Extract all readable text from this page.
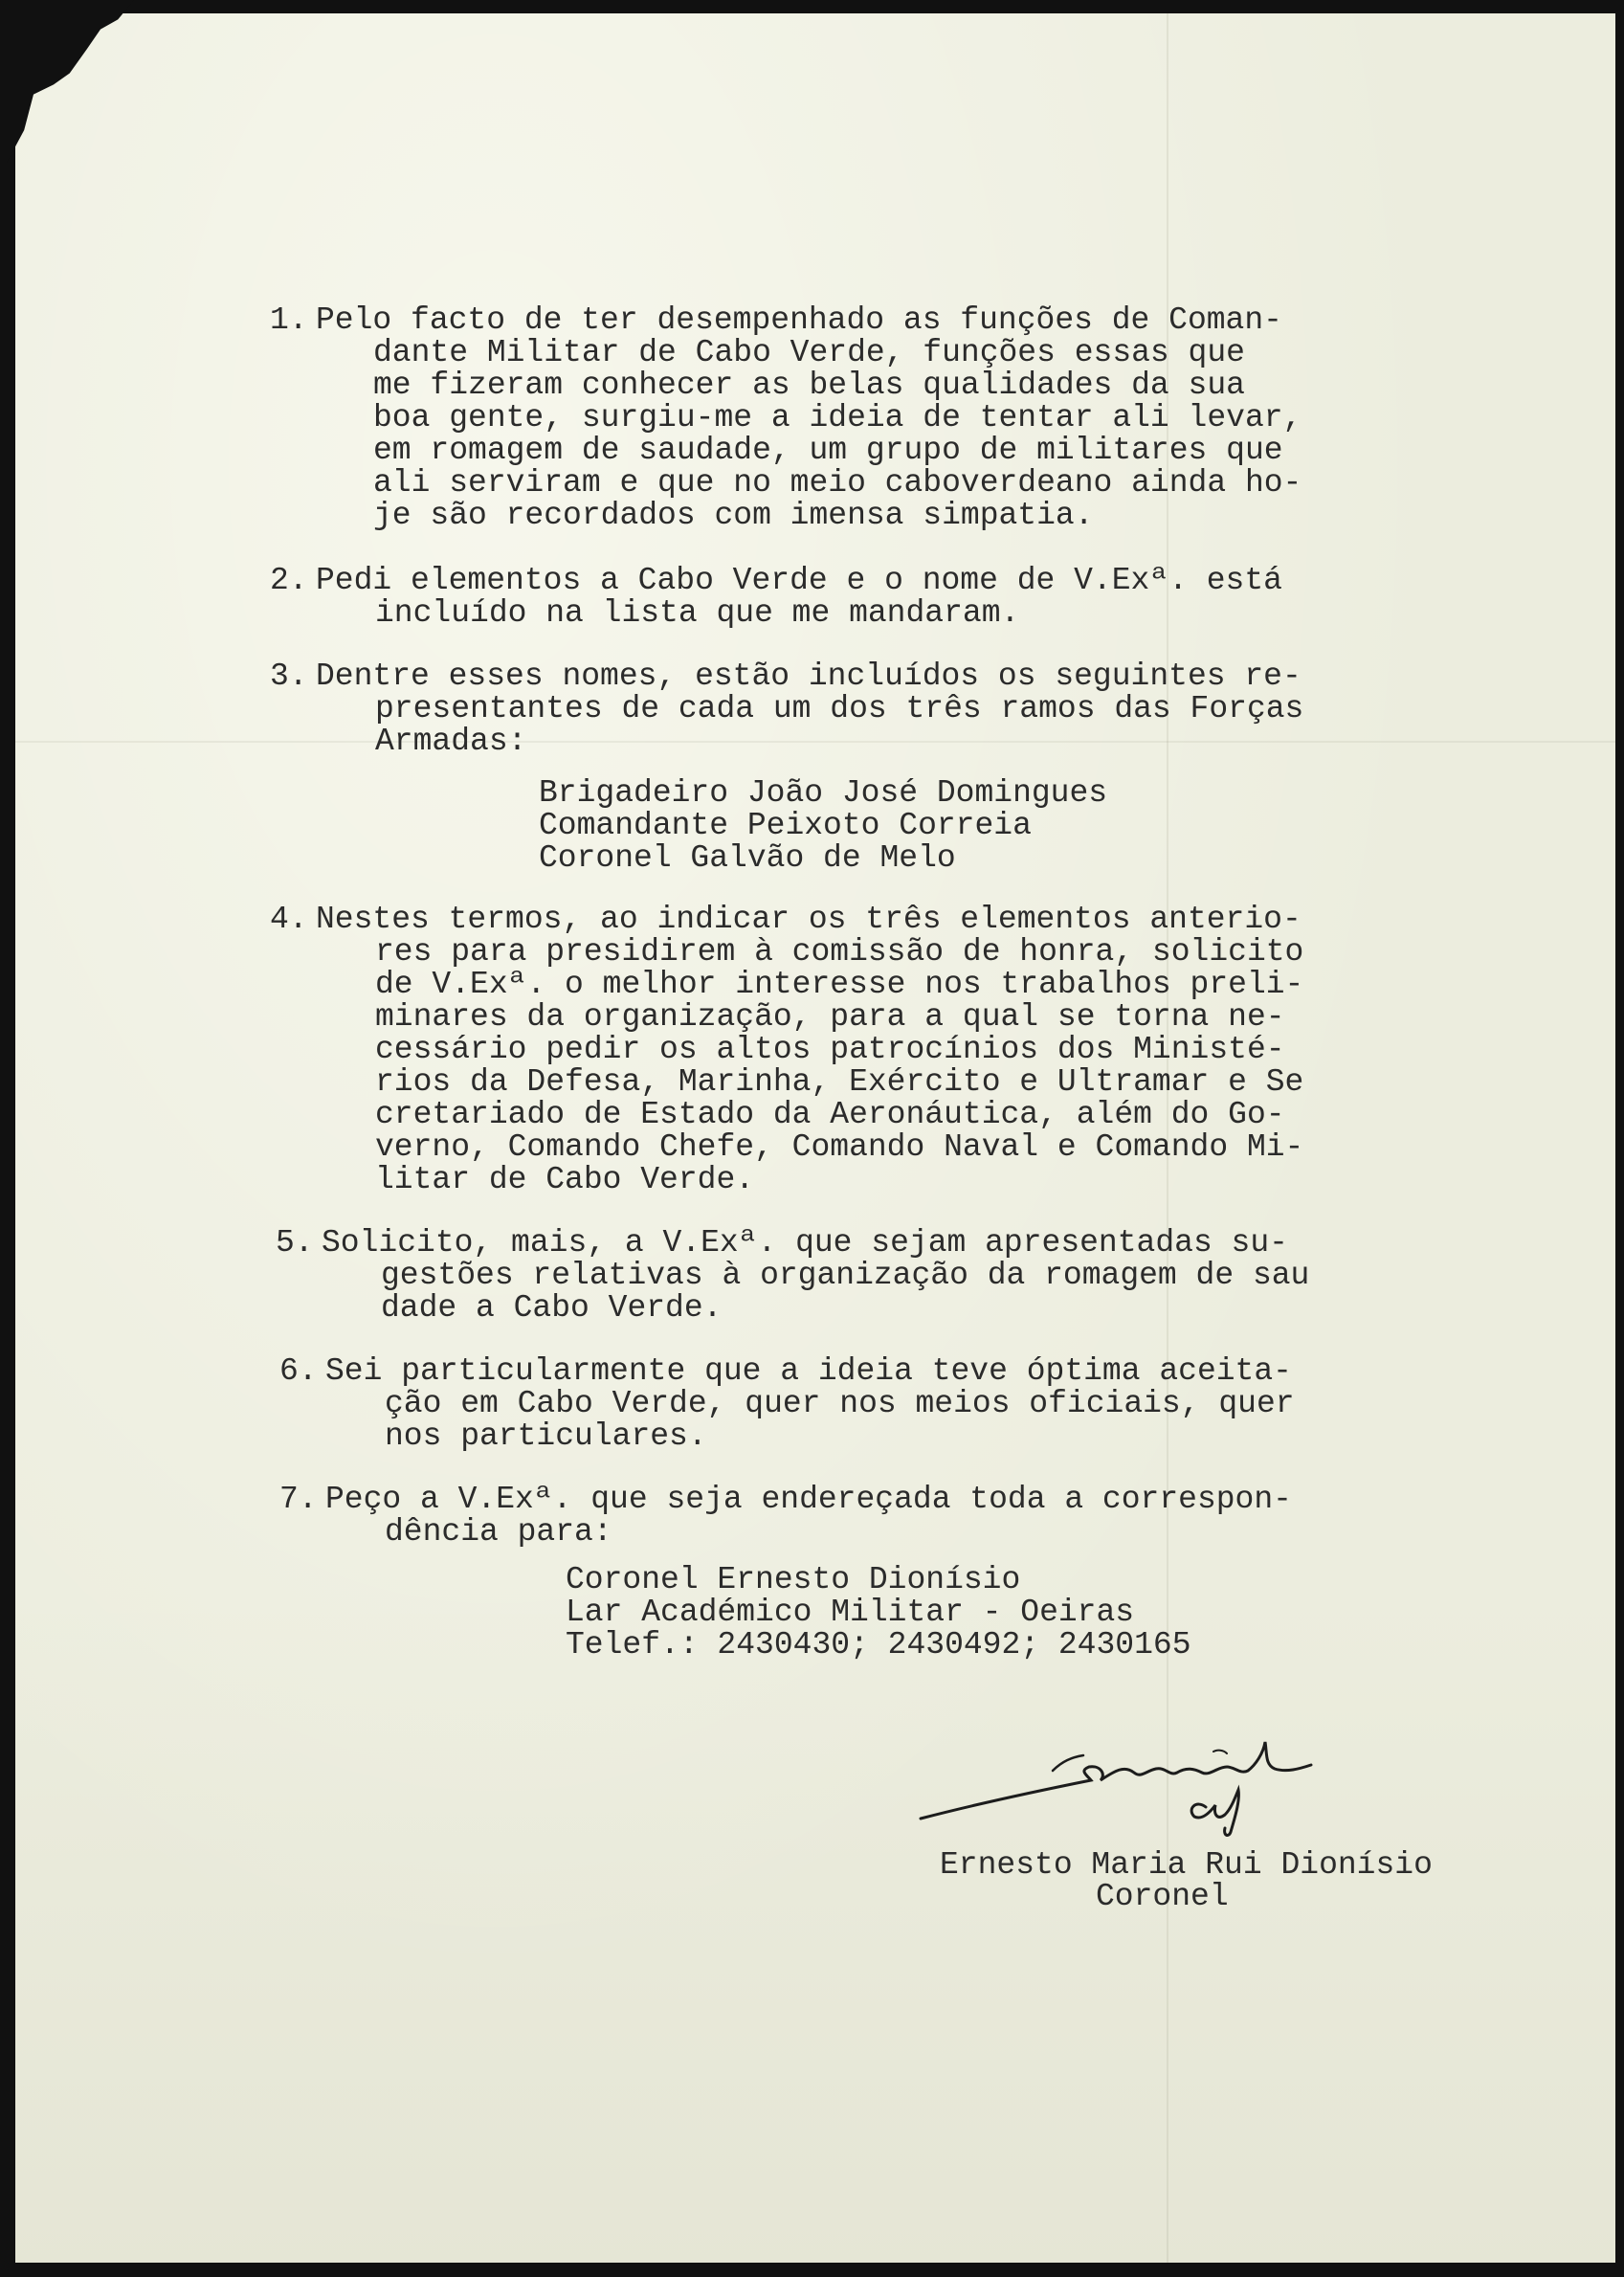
1. Pelo facto de ter desempenhado as funções de Coman-
dante Militar de Cabo Verde, funções essas que
me fizeram conhecer as belas qualidades da sua
boa gente, surgiu-me a ideia de tentar ali levar,
em romagem de saudade, um grupo de militares que
ali serviram e que no meio caboverdeano ainda ho-
je são recordados com imensa simpatia.
2. Pedi elementos a Cabo Verde e o nome de V.Exª. está
incluído na lista que me mandaram.
3. Dentre esses nomes, estão incluídos os seguintes re-
presentantes de cada um dos três ramos das Forças
Armadas:
Brigadeiro João José Domingues
Comandante Peixoto Correia
Coronel Galvão de Melo
4. Nestes termos, ao indicar os três elementos anterio-
res para presidirem à comissão de honra, solicito
de V.Exª. o melhor interesse nos trabalhos preli-
minares da organização, para a qual se torna ne-
cessário pedir os altos patrocínios dos Ministé-
rios da Defesa, Marinha, Exército e Ultramar e Se
cretariado de Estado da Aeronáutica, além do Go-
verno, Comando Chefe, Comando Naval e Comando Mi-
litar de Cabo Verde.
5. Solicito, mais, a V.Exª. que sejam apresentadas su-
gestões relativas à organização da romagem de sau
dade a Cabo Verde.
6. Sei particularmente que a ideia teve óptima aceita-
ção em Cabo Verde, quer nos meios oficiais, quer
nos particulares.
7. Peço a V.Exª. que seja endereçada toda a correspon-
dência para:
Coronel Ernesto Dionísio
Lar Académico Militar - Oeiras
Telef.: 2430430; 2430492; 2430165
Ernesto Maria Rui Dionísio
Coronel
